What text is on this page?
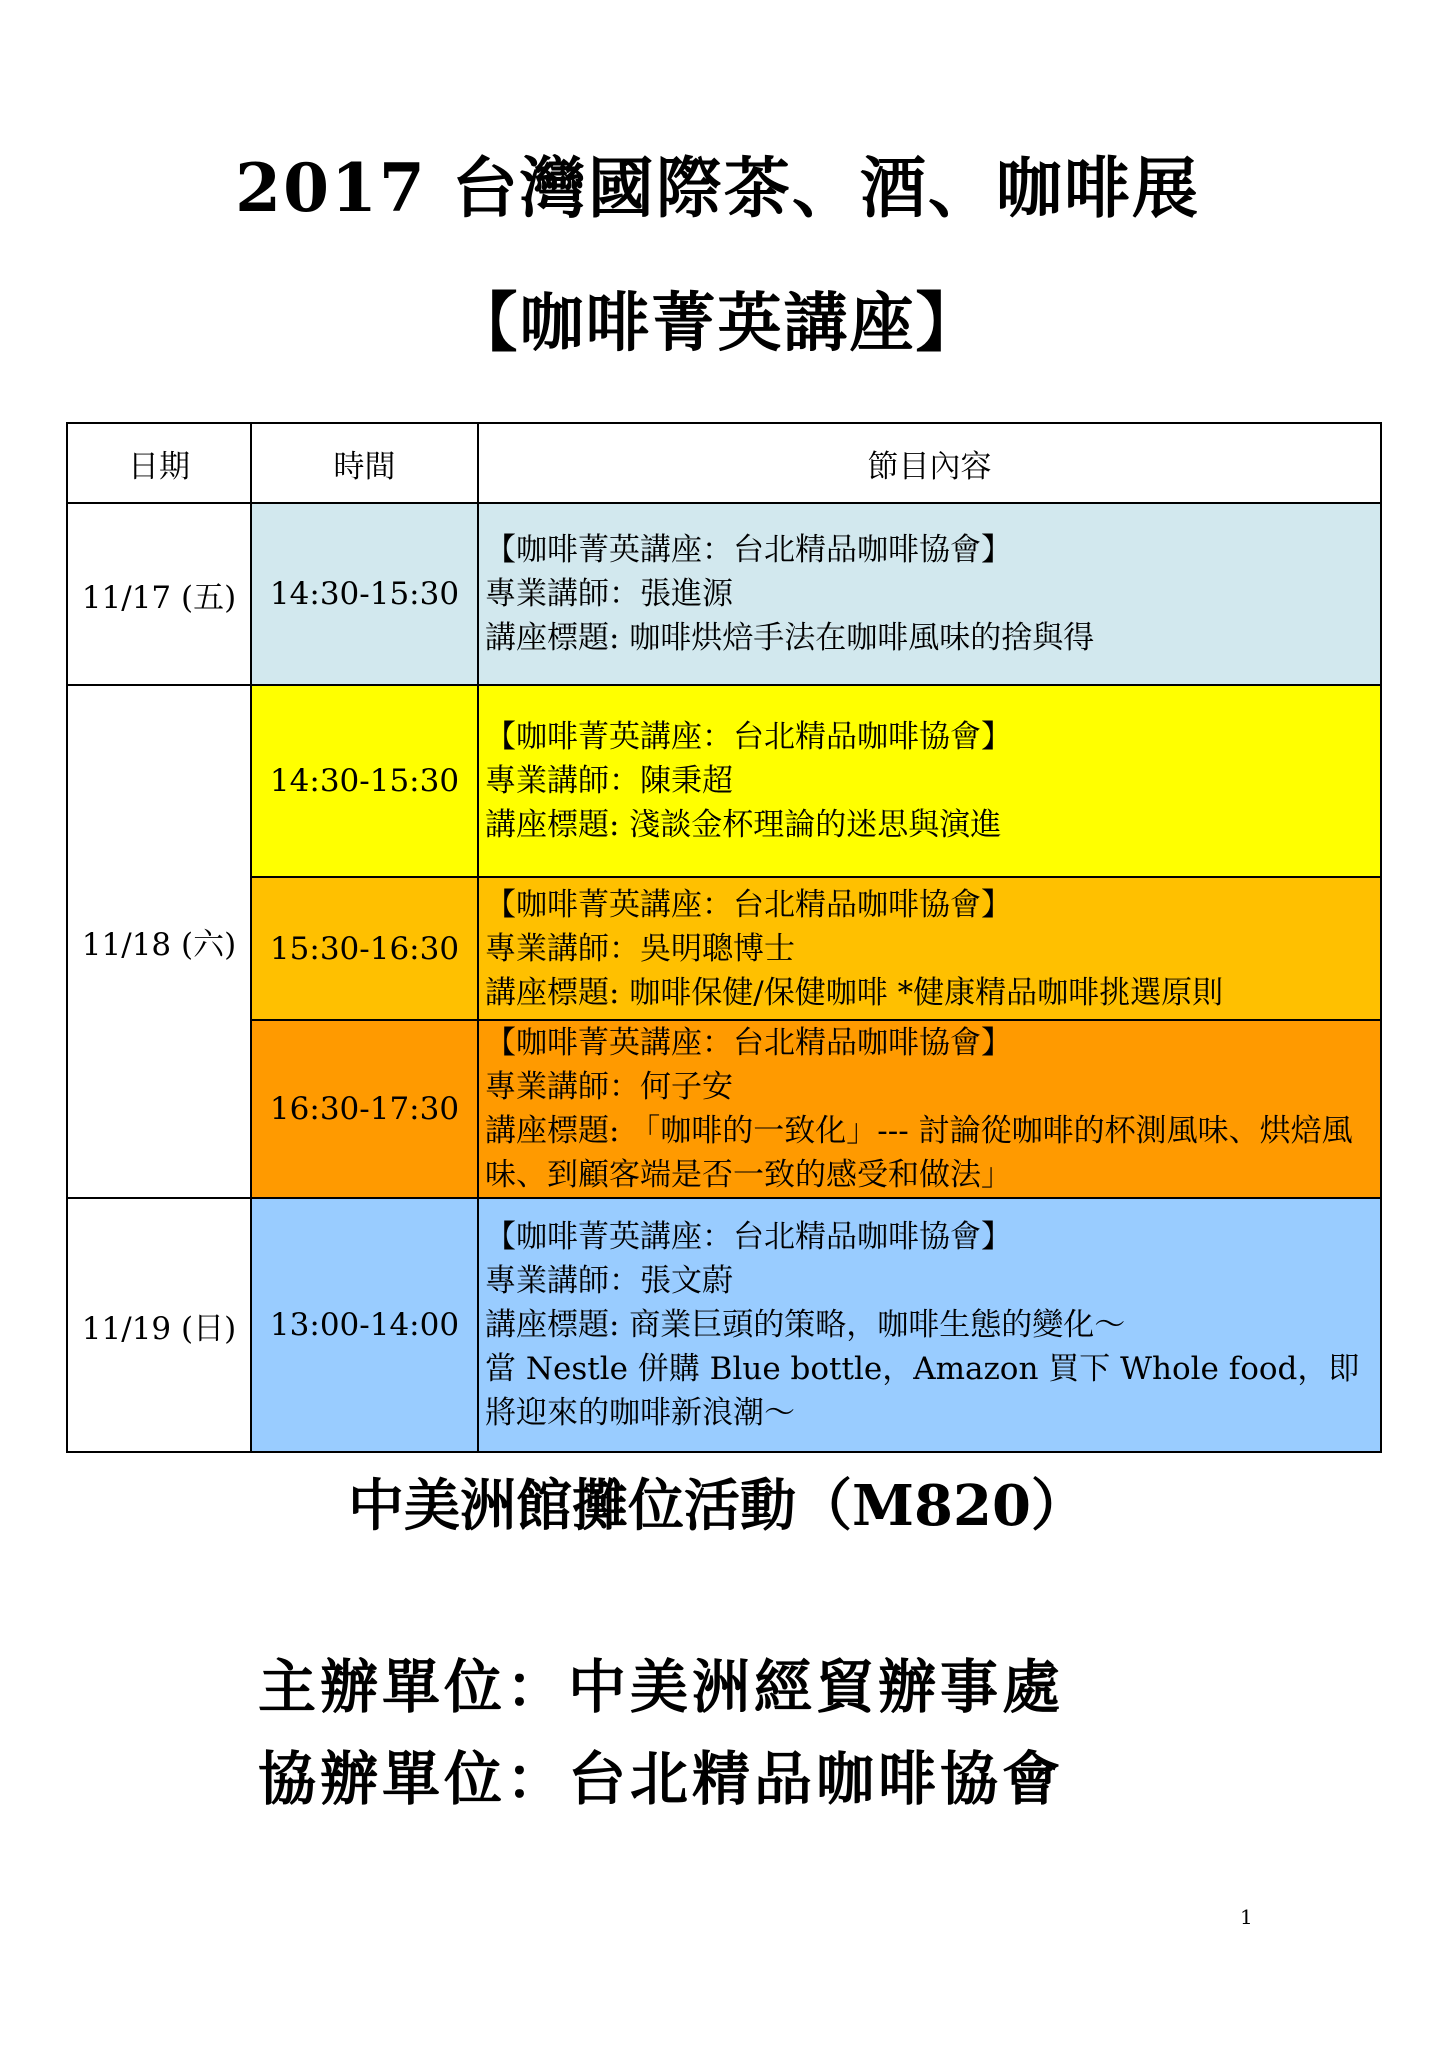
2017 台灣國際茶、酒、咖啡展
【咖啡菁英講座】
日期	時間	節目內容
11/17 (五)	14:30-15:30	【咖啡菁英講座：台北精品咖啡協會】
專業講師：張進源
講座標題: 咖啡烘焙手法在咖啡風味的捨與得

11/18 (六)	14:30-15:30	【咖啡菁英講座：台北精品咖啡協會】
專業講師：陳秉超
講座標題: 淺談金杯理論的迷思與演進

	15:30-16:30	【咖啡菁英講座：台北精品咖啡協會】
專業講師：吳明聰博士
講座標題: 咖啡保健/保健咖啡 *健康精品咖啡挑選原則

	16:30-17:30	【咖啡菁英講座：台北精品咖啡協會】
專業講師：何子安
講座標題: 「咖啡的一致化」--- 討論從咖啡的杯測風味、烘焙風味、到顧客端是否一致的感受和做法」

11/19 (日)	13:00-14:00	【咖啡菁英講座：台北精品咖啡協會】
專業講師：張文蔚
講座標題: 商業巨頭的策略，咖啡生態的變化～
當 Nestle 併購 Blue bottle，Amazon 買下 Whole food，即將迎來的咖啡新浪潮～
中美洲館攤位活動（M820）
主辦單位：中美洲經貿辦事處
協辦單位：台北精品咖啡協會
1
